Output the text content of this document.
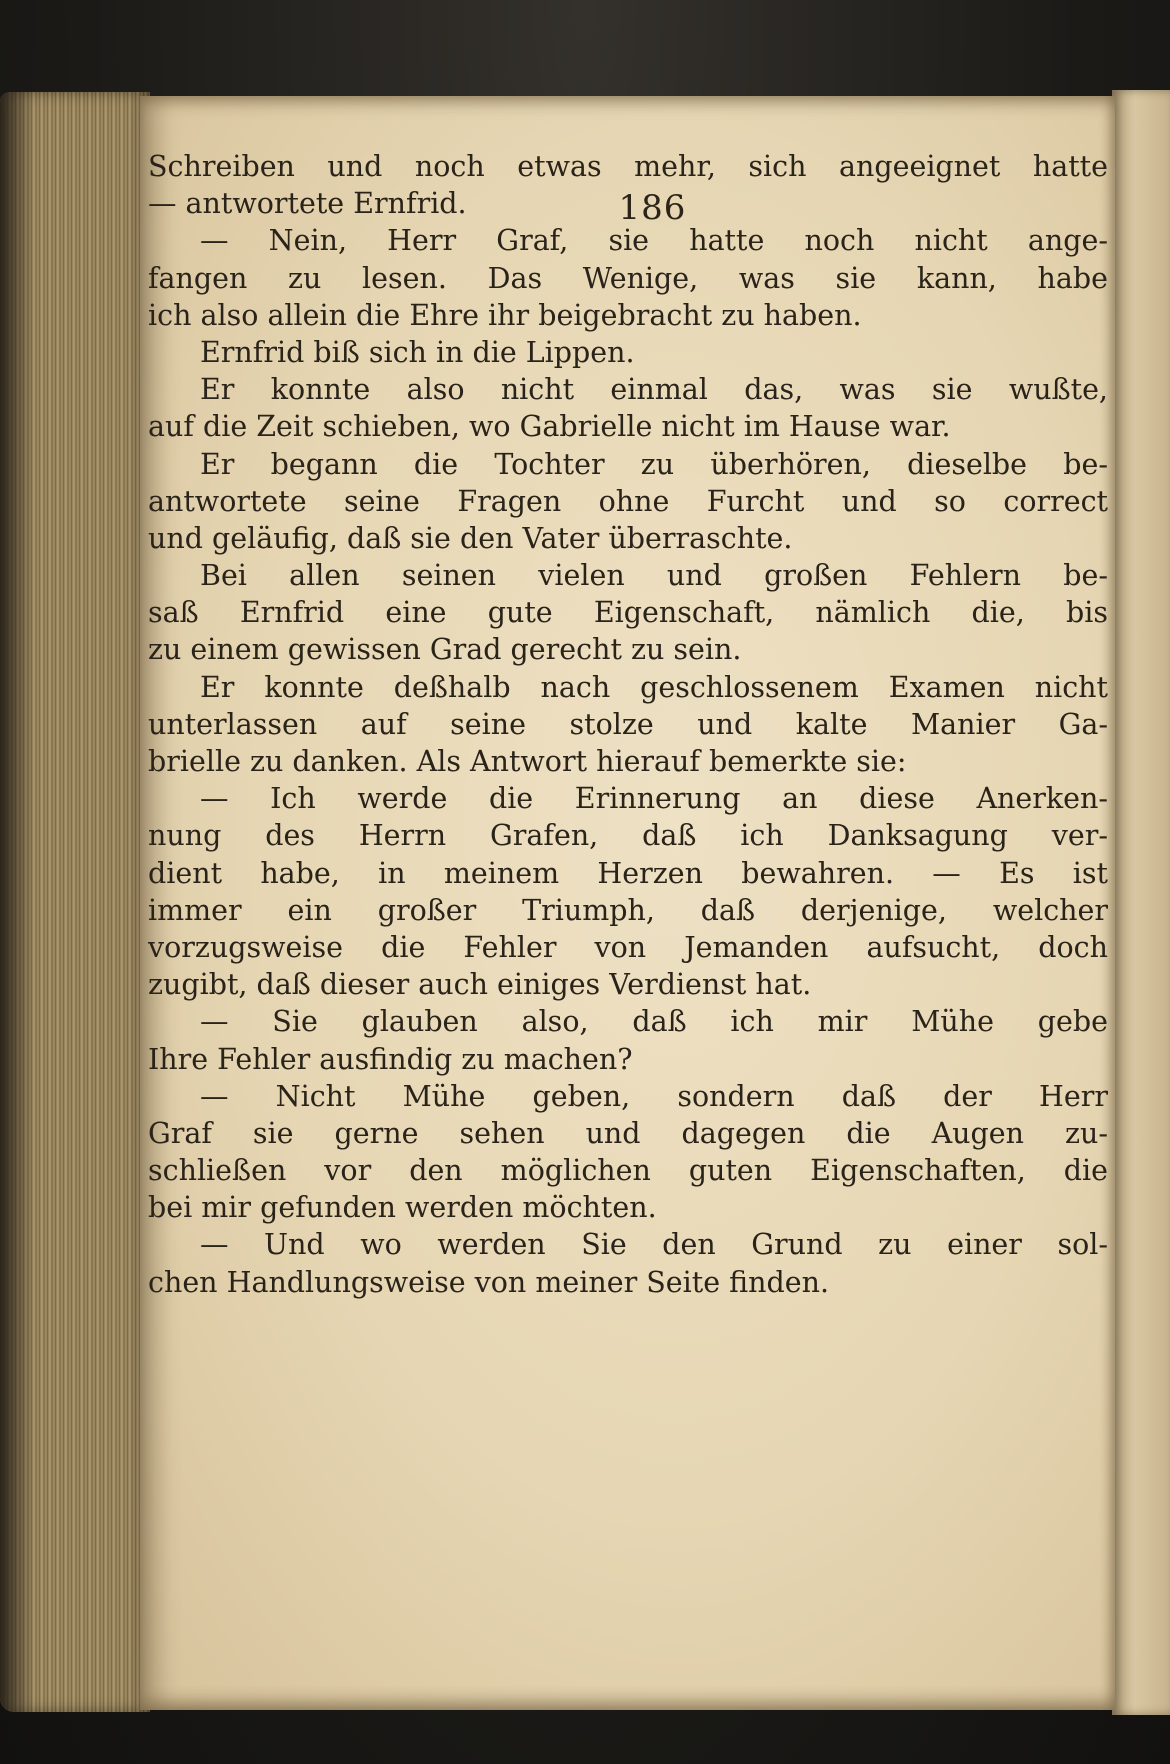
186
Schreiben und noch etwas mehr, sich angeeignet hatte
— antwortete Ernfrid.
— Nein, Herr Graf, sie hatte noch nicht ange-
fangen zu lesen. Das Wenige, was sie kann, habe
ich also allein die Ehre ihr beigebracht zu haben.
Ernfrid biß sich in die Lippen.
Er konnte also nicht einmal das, was sie wußte,
auf die Zeit schieben, wo Gabrielle nicht im Hause war.
Er begann die Tochter zu überhören, dieselbe be-
antwortete seine Fragen ohne Furcht und so correct
und geläufig, daß sie den Vater überraschte.
Bei allen seinen vielen und großen Fehlern be-
saß Ernfrid eine gute Eigenschaft, nämlich die, bis
zu einem gewissen Grad gerecht zu sein.
Er konnte deßhalb nach geschlossenem Examen nicht
unterlassen auf seine stolze und kalte Manier Ga-
brielle zu danken. Als Antwort hierauf bemerkte sie:
— Ich werde die Erinnerung an diese Anerken-
nung des Herrn Grafen, daß ich Danksagung ver-
dient habe, in meinem Herzen bewahren. — Es ist
immer ein großer Triumph, daß derjenige, welcher
vorzugsweise die Fehler von Jemanden aufsucht, doch
zugibt, daß dieser auch einiges Verdienst hat.
— Sie glauben also, daß ich mir Mühe gebe
Ihre Fehler ausfindig zu machen?
— Nicht Mühe geben, sondern daß der Herr
Graf sie gerne sehen und dagegen die Augen zu-
schließen vor den möglichen guten Eigenschaften, die
bei mir gefunden werden möchten.
— Und wo werden Sie den Grund zu einer sol-
chen Handlungsweise von meiner Seite finden.
